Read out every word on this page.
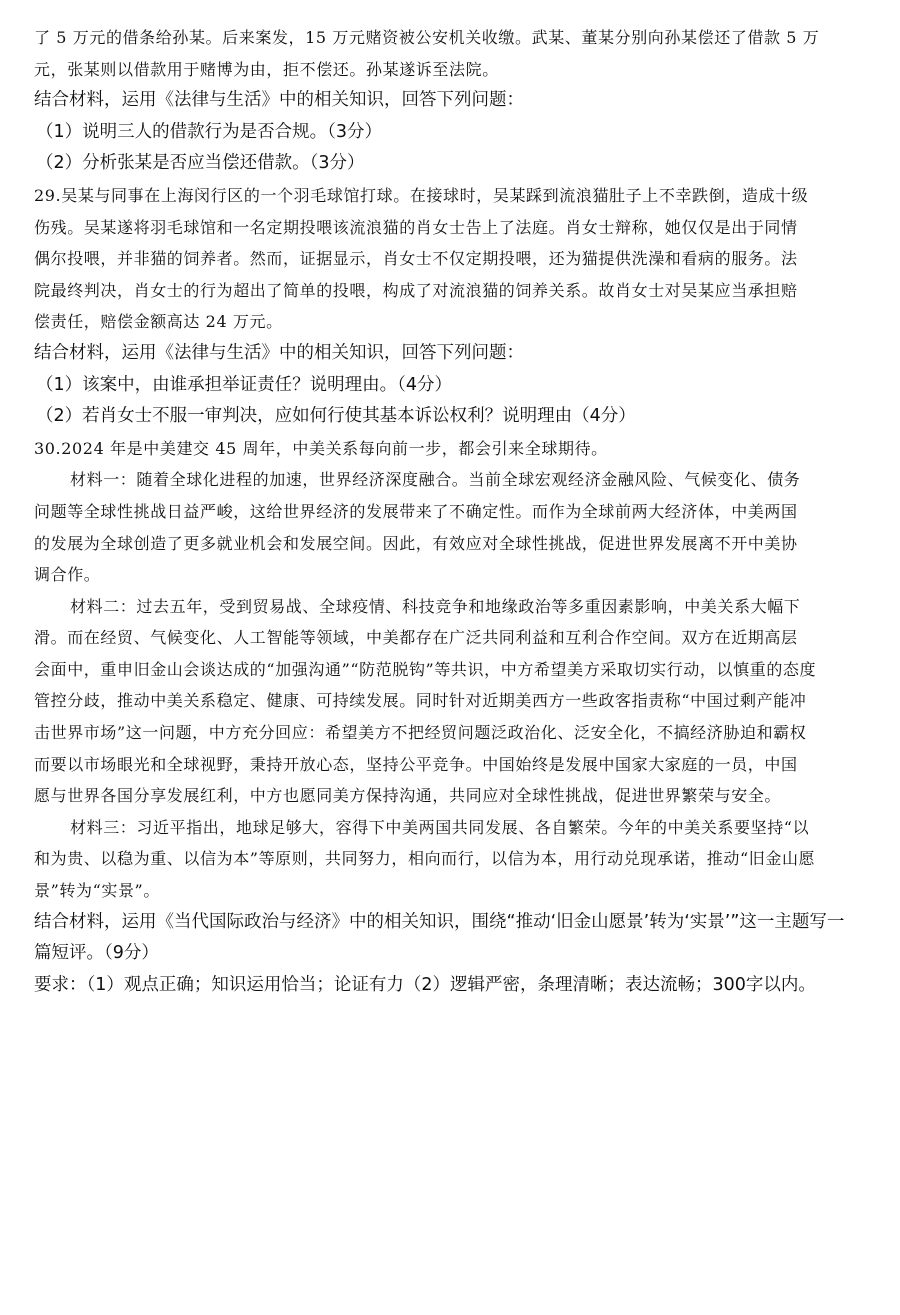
了 5 万元的借条给孙某。后来案发，15 万元赌资被公安机关收缴。武某、董某分别向孙某偿还了借款 5 万
元，张某则以借款用于赌博为由，拒不偿还。孙某遂诉至法院。
结合材料，运用《法律与生活》中的相关知识，回答下列问题：
（1）说明三人的借款行为是否合规。（3分）
（2）分析张某是否应当偿还借款。（3分）
29.吴某与同事在上海闵行区的一个羽毛球馆打球。在接球时，吴某踩到流浪猫肚子上不幸跌倒，造成十级
伤残。吴某遂将羽毛球馆和一名定期投喂该流浪猫的肖女士告上了法庭。肖女士辩称，她仅仅是出于同情
偶尔投喂，并非猫的饲养者。然而，证据显示，肖女士不仅定期投喂，还为猫提供洗澡和看病的服务。法
院最终判决，肖女士的行为超出了简单的投喂，构成了对流浪猫的饲养关系。故肖女士对吴某应当承担赔
偿责任，赔偿金额高达 24 万元。
结合材料，运用《法律与生活》中的相关知识，回答下列问题：
（1）该案中，由谁承担举证责任？说明理由。（4分）
（2）若肖女士不服一审判决，应如何行使其基本诉讼权利？说明理由（4分）
30.2024 年是中美建交 45 周年，中美关系每向前一步，都会引来全球期待。
材料一：随着全球化进程的加速，世界经济深度融合。当前全球宏观经济金融风险、气候变化、债务
问题等全球性挑战日益严峻，这给世界经济的发展带来了不确定性。而作为全球前两大经济体，中美两国
的发展为全球创造了更多就业机会和发展空间。因此，有效应对全球性挑战，促进世界发展离不开中美协
调合作。
材料二：过去五年，受到贸易战、全球疫情、科技竞争和地缘政治等多重因素影响，中美关系大幅下
滑。而在经贸、气候变化、人工智能等领域，中美都存在广泛共同利益和互利合作空间。双方在近期高层
会面中，重申旧金山会谈达成的“加强沟通”“防范脱钩”等共识，中方希望美方采取切实行动，以慎重的态度
管控分歧，推动中美关系稳定、健康、可持续发展。同时针对近期美西方一些政客指责称“中国过剩产能冲
击世界市场”这一问题，中方充分回应：希望美方不把经贸问题泛政治化、泛安全化，不搞经济胁迫和霸权
而要以市场眼光和全球视野，秉持开放心态，坚持公平竞争。中国始终是发展中国家大家庭的一员，中国
愿与世界各国分享发展红利，中方也愿同美方保持沟通，共同应对全球性挑战，促进世界繁荣与安全。
材料三：习近平指出，地球足够大，容得下中美两国共同发展、各自繁荣。今年的中美关系要坚持“以
和为贵、以稳为重、以信为本”等原则，共同努力，相向而行，以信为本，用行动兑现承诺，推动“旧金山愿
景”转为“实景”。
结合材料，运用《当代国际政治与经济》中的相关知识，围绕“推动‘旧金山愿景’转为‘实景’”这一主题写一
篇短评。（9分）
要求：（1）观点正确；知识运用恰当；论证有力（2）逻辑严密，条理清晰；表达流畅；300字以内。
